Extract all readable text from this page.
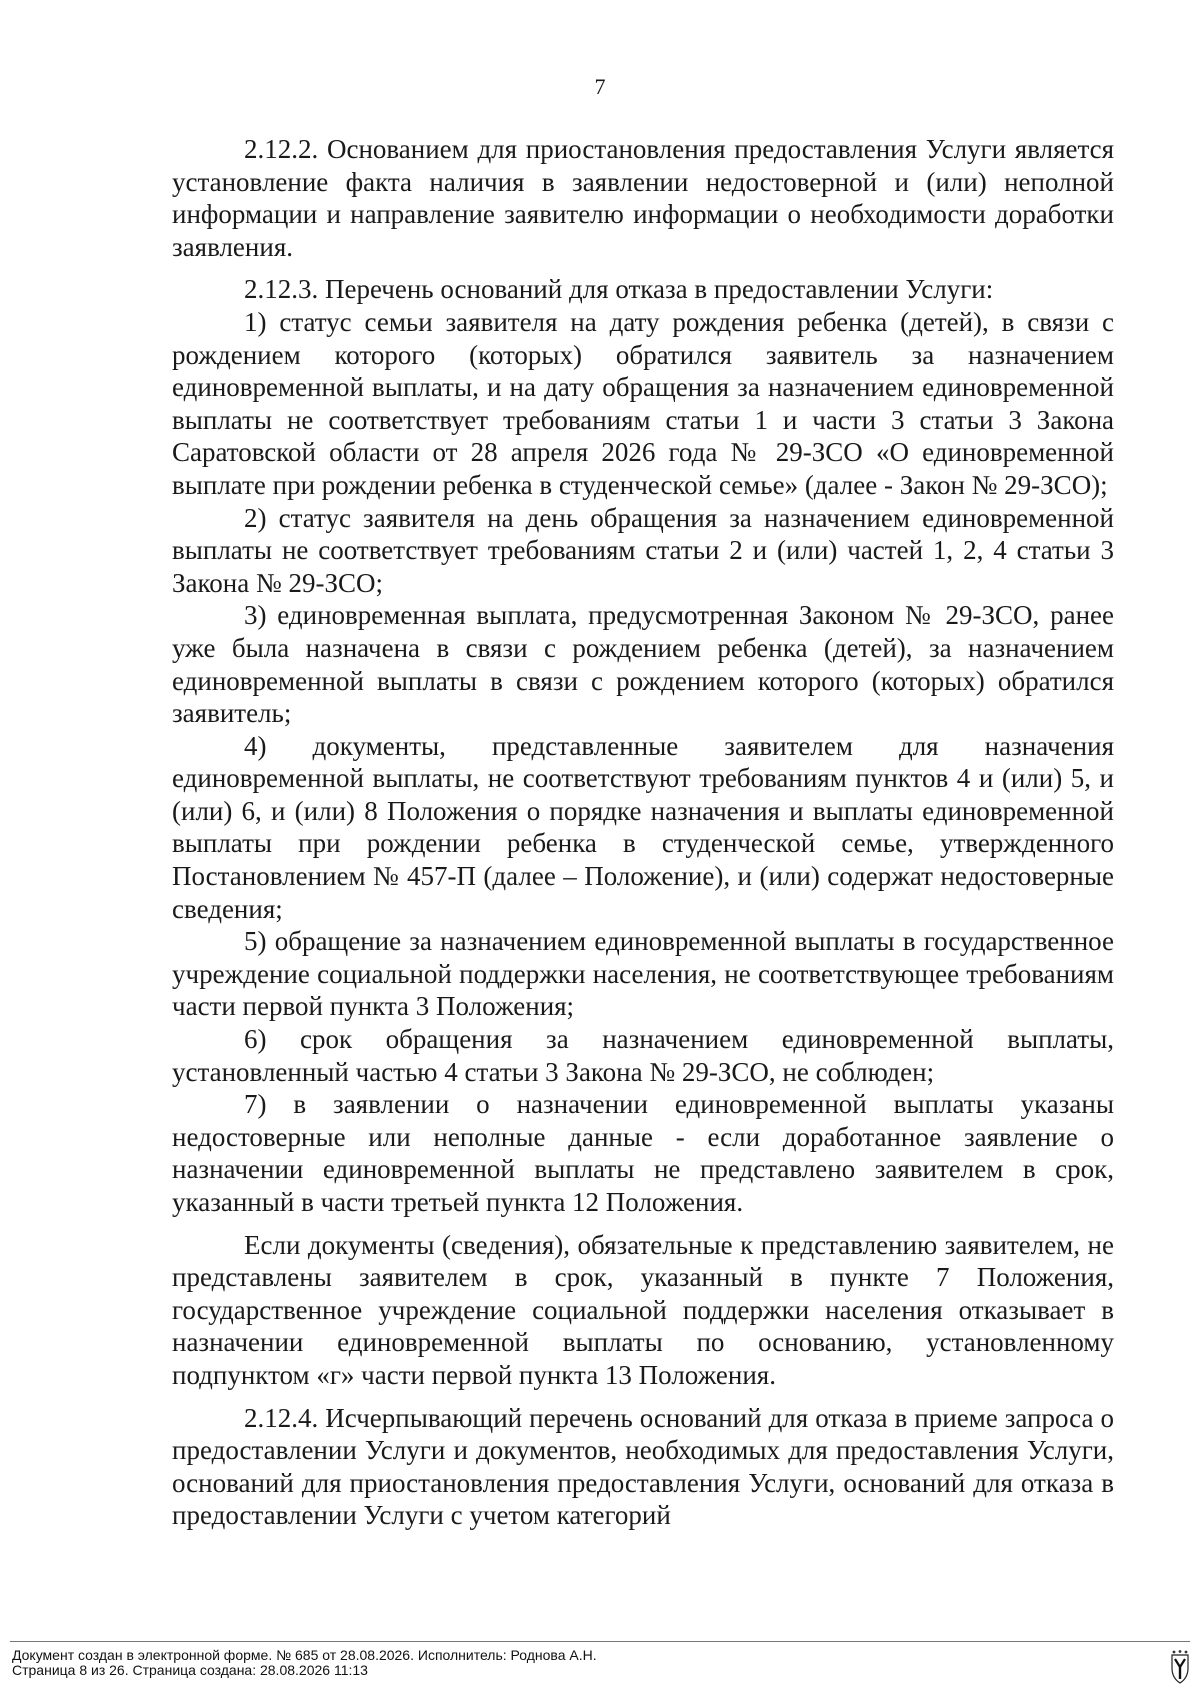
7

2.12.2. Основанием для приостановления предоставления Услуги является установление факта наличия в заявлении недостоверной и (или) неполной информации и направление заявителю информации о необходимости доработки заявления.

2.12.3. Перечень оснований для отказа в предоставлении Услуги:

1) статус семьи заявителя на дату рождения ребенка (детей), в связи с рождением которого (которых) обратился заявитель за назначением единовременной выплаты, и на дату обращения за назначением единовременной выплаты не соответствует требованиям статьи 1 и части 3 статьи 3 Закона Саратовской области от 28 апреля 2026 года № 29-ЗСО «О единовременной выплате при рождении ребенка в студенческой семье» (далее - Закон № 29-ЗСО);

2) статус заявителя на день обращения за назначением единовременной выплаты не соответствует требованиям статьи 2 и (или) частей 1, 2, 4 статьи 3 Закона № 29-ЗСО;

3) единовременная выплата, предусмотренная Законом № 29-ЗСО, ранее уже была назначена в связи с рождением ребенка (детей), за назначением единовременной выплаты в связи с рождением которого (которых) обратился заявитель;

4) документы, представленные заявителем для назначения единовременной выплаты, не соответствуют требованиям пунктов 4 и (или) 5, и (или) 6, и (или) 8 Положения о порядке назначения и выплаты единовременной выплаты при рождении ребенка в студенческой семье, утвержденного Постановлением № 457-П (далее – Положение), и (или) содержат недостоверные сведения;

5) обращение за назначением единовременной выплаты в государственное учреждение социальной поддержки населения, не соответствующее требованиям части первой пункта 3 Положения;

6) срок обращения за назначением единовременной выплаты, установленный частью 4 статьи 3 Закона № 29-ЗСО, не соблюден;

7) в заявлении о назначении единовременной выплаты указаны недостоверные или неполные данные - если доработанное заявление о назначении единовременной выплаты не представлено заявителем в срок, указанный в части третьей пункта 12 Положения.

Если документы (сведения), обязательные к представлению заявителем, не представлены заявителем в срок, указанный в пункте 7 Положения, государственное учреждение социальной поддержки населения отказывает в назначении единовременной выплаты по основанию, установленному подпунктом «г» части первой пункта 13 Положения.

2.12.4. Исчерпывающий перечень оснований для отказа в приеме запроса о предоставлении Услуги и документов, необходимых для предоставления Услуги, оснований для приостановления предоставления Услуги, оснований для отказа в предоставлении Услуги с учетом категорий

Документ создан в электронной форме. № 685 от 28.08.2026. Исполнитель: Роднова А.Н.
Страница 8 из 26. Страница создана: 28.08.2026 11:13
